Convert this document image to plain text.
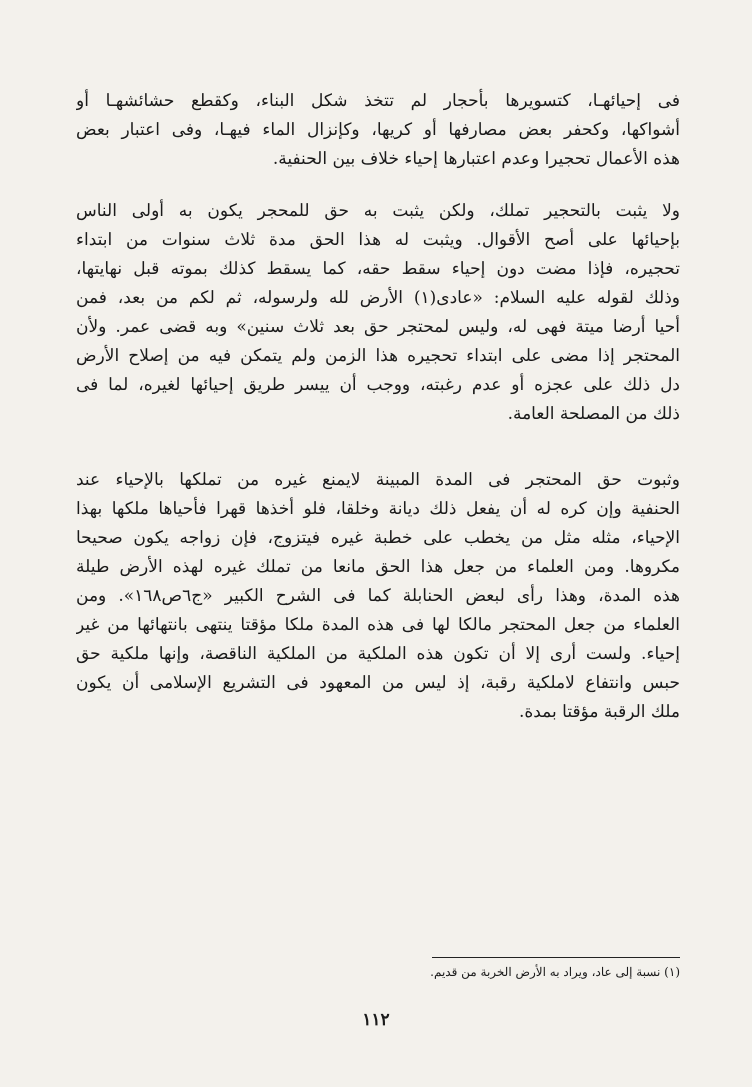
فى إحيائهـا، كتسويرها بأحجار لم تتخذ شكل البناء، وكقطع حشائشهـا أو
أشواكها، وكحفر بعض مصارفها أو كريها، وكإنزال الماء فيهـا، وفى اعتبار بعض
هذه الأعمال تحجيرا وعدم اعتبارها إحياء خلاف بين الحنفية.
ولا يثبت بالتحجير تملك، ولكن يثبت به حق للمحجر يكون به أولى الناس
بإحيائها على أصح الأقوال. ويثبت له هذا الحق مدة ثلاث سنوات من ابتداء
تحجيره، فإذا مضت دون إحياء سقط حقه، كما يسقط كذلك بموته قبل نهايتها،
وذلك لقوله عليه السلام: «عادى(١) الأرض لله ولرسوله، ثم لكم من بعد، فمن
أحيا أرضا ميتة فهى له، وليس لمحتجر حق بعد ثلاث سنين» وبه قضى عمر. ولأن
المحتجر إذا مضى على ابتداء تحجيره هذا الزمن ولم يتمكن فيه من إصلاح الأرض
دل ذلك على عجزه أو عدم رغبته، ووجب أن ييسر طريق إحيائها لغيره، لما فى
ذلك من المصلحة العامة.
وثبوت حق المحتجر فى المدة المبينة لايمنع غيره من تملكها بالإحياء عند
الحنفية وإن كره له أن يفعل ذلك ديانة وخلقا، فلو أخذها قهرا فأحياها ملكها بهذا
الإحياء، مثله مثل من يخطب على خطبة غيره فيتزوج، فإن زواجه يكون صحيحا
مكروها. ومن العلماء من جعل هذا الحق مانعا من تملك غيره لهذه الأرض طيلة
هذه المدة، وهذا رأى لبعض الحنابلة كما فى الشرح الكبير «ج٦ص١٦٨». ومن
العلماء من جعل المحتجر مالكا لها فى هذه المدة ملكا مؤقتا ينتهى بانتهائها من غير
إحياء. ولست أرى إلا أن تكون هذه الملكية من الملكية الناقصة، وإنها ملكية حق
حبس وانتفاع لاملكية رقبة، إذ ليس من المعهود فى التشريع الإسلامى أن يكون
ملك الرقبة مؤقتا بمدة.
(١) نسبة إلى عاد، ويراد به الأرض الخربة من قديم.
١١٢
